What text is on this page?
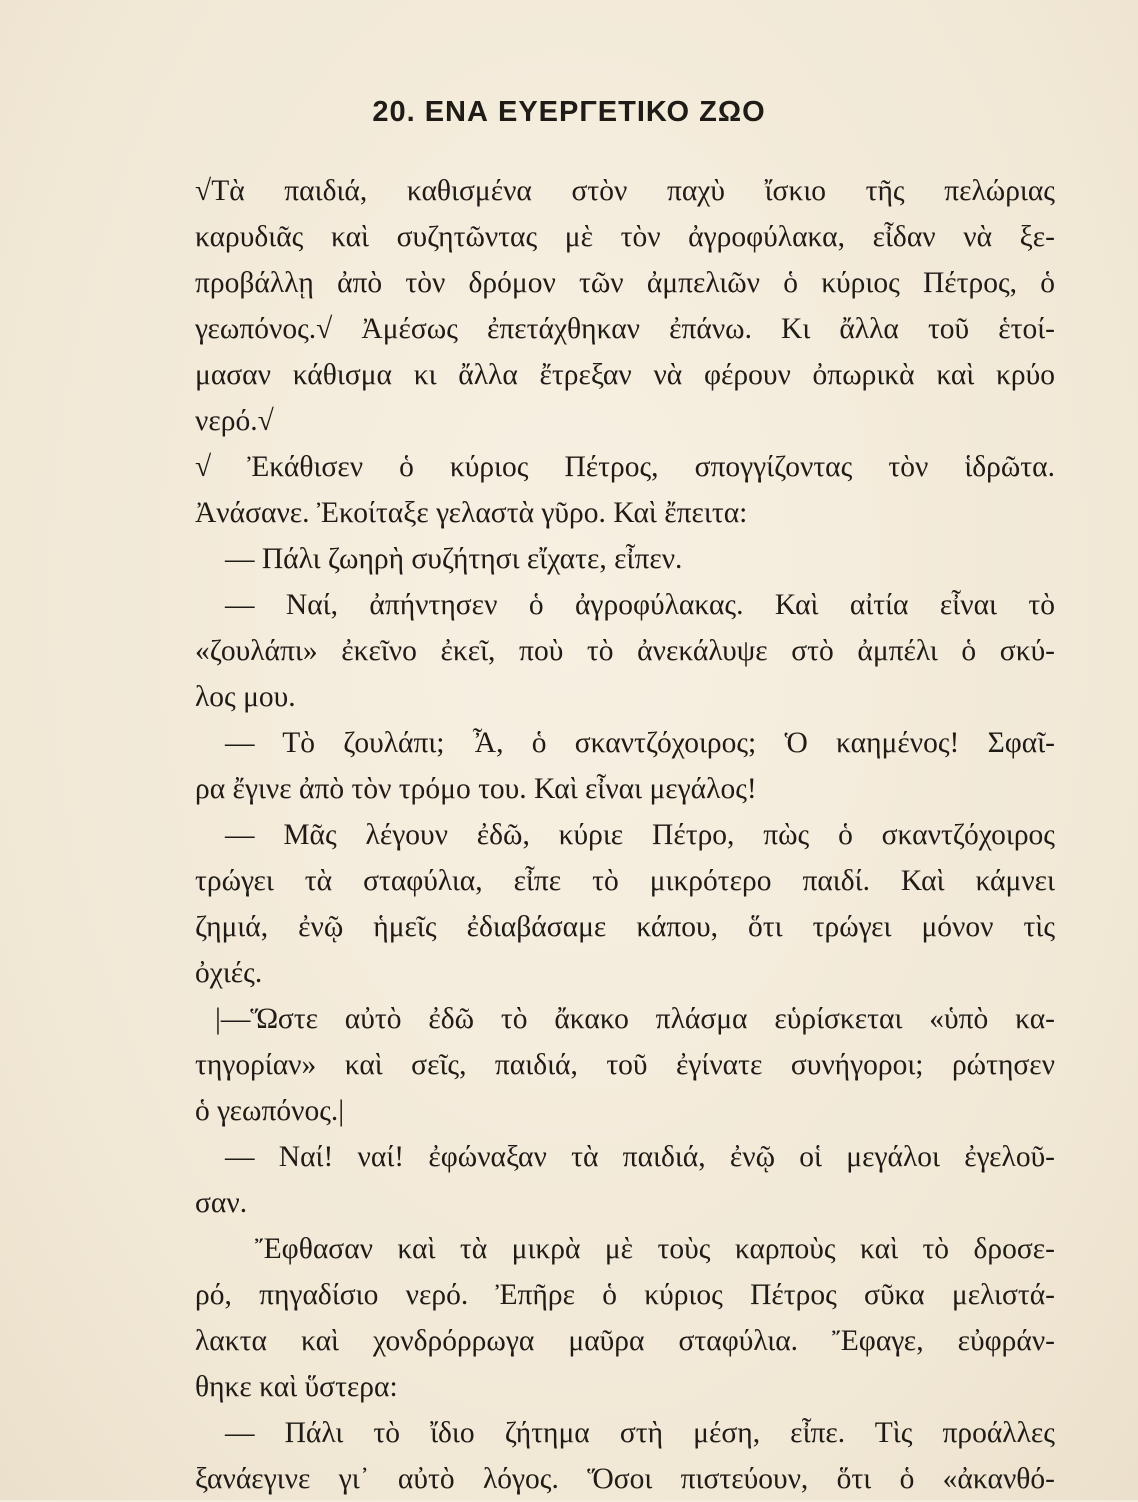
20. ΕΝΑ ΕΥΕΡΓΕΤΙΚΟ ΖΩΟ
√Τὰ παιδιά, καθισμένα στὸν παχὺ ἴσκιο τῆς πελώριας
καρυδιᾶς καὶ συζητῶντας μὲ τὸν ἀγροφύλακα, εἶδαν νὰ ξε-
προβάλλῃ ἀπὸ τὸν δρόμον τῶν ἀμπελιῶν ὁ κύριος Πέτρος, ὁ
γεωπόνος.√ Ἀμέσως ἐπετάχθηκαν ἐπάνω. Κι ἄλλα τοῦ ἑτοί-
μασαν κάθισμα κι ἄλλα ἔτρεξαν νὰ φέρουν ὀπωρικὰ καὶ κρύο
νερό.√
√ Ἐκάθισεν ὁ κύριος Πέτρος, σπογγίζοντας τὸν ἱδρῶτα.
Ἀνάσανε. Ἐκοίταξε γελαστὰ γῦρο. Καὶ ἔπειτα:
— Πάλι ζωηρὴ συζήτησι εἴχατε, εἶπεν.
— Ναί, ἀπήντησεν ὁ ἀγροφύλακας. Καὶ αἰτία εἶναι τὸ
«ζουλάπι» ἐκεῖνο ἐκεῖ, ποὺ τὸ ἀνεκάλυψε στὸ ἀμπέλι ὁ σκύ-
λος μου.
— Τὸ ζουλάπι; Ἆ, ὁ σκαντζόχοιρος; Ὁ καημένος! Σφαῖ-
ρα ἔγινε ἀπὸ τὸν τρόμο του. Καὶ εἶναι μεγάλος!
— Μᾶς λέγουν ἐδῶ, κύριε Πέτρο, πὼς ὁ σκαντζόχοιρος
τρώγει τὰ σταφύλια, εἶπε τὸ μικρότερο παιδί. Καὶ κάμνει
ζημιά, ἐνῷ ἡμεῖς ἐδιαβάσαμε κάπου, ὅτι τρώγει μόνον τὶς
ὀχιές.
|—Ὥστε αὐτὸ ἐδῶ τὸ ἄκακο πλάσμα εὑρίσκεται «ὑπὸ κα-
τηγορίαν» καὶ σεῖς, παιδιά, τοῦ ἐγίνατε συνήγοροι; ρώτησεν
ὁ γεωπόνος.|
— Ναί! ναί! ἐφώναξαν τὰ παιδιά, ἐνῷ οἱ μεγάλοι ἐγελοῦ-
σαν.
Ἔφθασαν καὶ τὰ μικρὰ μὲ τοὺς καρποὺς καὶ τὸ δροσε-
ρό, πηγαδίσιο νερό. Ἐπῆρε ὁ κύριος Πέτρος σῦκα μελιστά-
λακτα καὶ χονδρόρρωγα μαῦρα σταφύλια. Ἔφαγε, εὐφράν-
θηκε καὶ ὕστερα:
— Πάλι τὸ ἴδιο ζήτημα στὴ μέση, εἶπε. Τὶς προάλλες
ξανάεγινε γι᾽ αὐτὸ λόγος. Ὅσοι πιστεύουν, ὅτι ὁ «ἀκανθό-
